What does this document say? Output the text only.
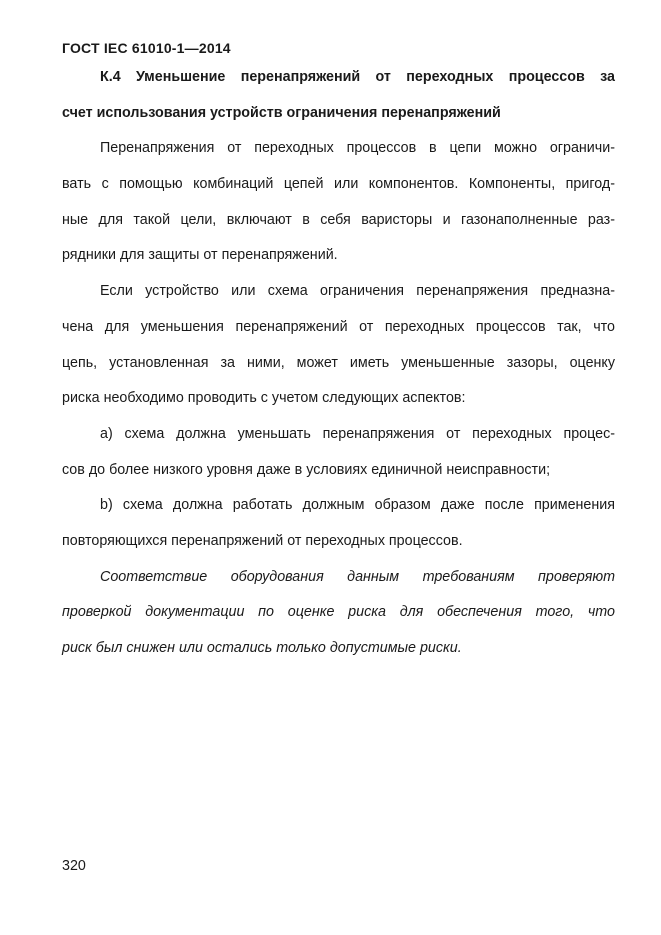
ГОСТ IEC 61010-1—2014
К.4 Уменьшение перенапряжений от переходных процессов за
счет использования устройств ограничения перенапряжений
Перенапряжения от переходных процессов в цепи можно ограничи-
вать с помощью комбинаций цепей или компонентов. Компоненты, пригод-
ные для такой цели, включают в себя варисторы и газонаполненные раз-
рядники для защиты от перенапряжений.
Если устройство или схема ограничения перенапряжения предназна-
чена для уменьшения перенапряжений от переходных процессов так, что
цепь, установленная за ними, может иметь уменьшенные зазоры, оценку
риска необходимо проводить с учетом следующих аспектов:
a) схема должна уменьшать перенапряжения от переходных процес-
сов до более низкого уровня даже в условиях единичной неисправности;
b) схема должна работать должным образом даже после применения
повторяющихся перенапряжений от переходных процессов.
Соответствие оборудования данным требованиям проверяют
проверкой документации по оценке риска для обеспечения того, что
риск был снижен или остались только допустимые риски.
320
